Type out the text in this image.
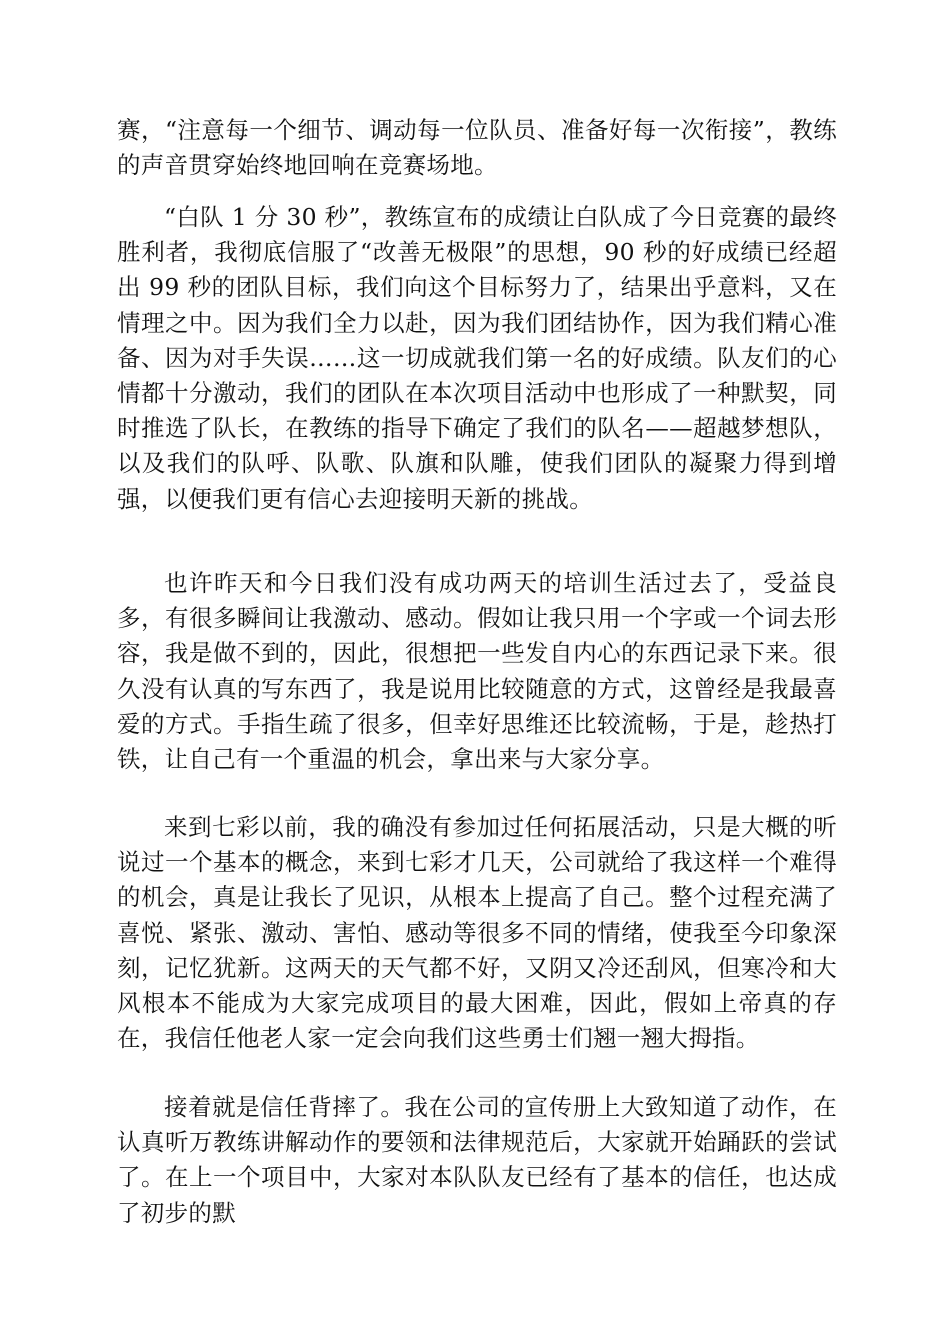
赛，“注意每一个细节、调动每一位队员、准备好每一次衔接”，教练的声音贯穿始终地回响在竞赛场地。

“白队 1 分 30 秒”，教练宣布的成绩让白队成了今日竞赛的最终胜利者，我彻底信服了“改善无极限”的思想，90 秒的好成绩已经超出 99 秒的团队目标，我们向这个目标努力了，结果出乎意料，又在情理之中。因为我们全力以赴，因为我们团结协作，因为我们精心准备、因为对手失误……这一切成就我们第一名的好成绩。队友们的心情都十分激动，我们的团队在本次项目活动中也形成了一种默契，同时推选了队长，在教练的指导下确定了我们的队名——超越梦想队，以及我们的队呼、队歌、队旗和队雕，使我们团队的凝聚力得到增强，以便我们更有信心去迎接明天新的挑战。

也许昨天和今日我们没有成功两天的培训生活过去了，受益良多，有很多瞬间让我激动、感动。假如让我只用一个字或一个词去形容，我是做不到的，因此，很想把一些发自内心的东西记录下来。很久没有认真的写东西了，我是说用比较随意的方式，这曾经是我最喜爱的方式。手指生疏了很多，但幸好思维还比较流畅，于是，趁热打铁，让自己有一个重温的机会，拿出来与大家分享。

来到七彩以前，我的确没有参加过任何拓展活动，只是大概的听说过一个基本的概念，来到七彩才几天，公司就给了我这样一个难得的机会，真是让我长了见识，从根本上提高了自己。整个过程充满了喜悦、紧张、激动、害怕、感动等很多不同的情绪，使我至今印象深刻，记忆犹新。这两天的天气都不好，又阴又冷还刮风，但寒冷和大风根本不能成为大家完成项目的最大困难，因此，假如上帝真的存在，我信任他老人家一定会向我们这些勇士们翘一翘大拇指。

接着就是信任背摔了。我在公司的宣传册上大致知道了动作，在认真听万教练讲解动作的要领和法律规范后，大家就开始踊跃的尝试了。在上一个项目中，大家对本队队友已经有了基本的信任，也达成了初步的默
